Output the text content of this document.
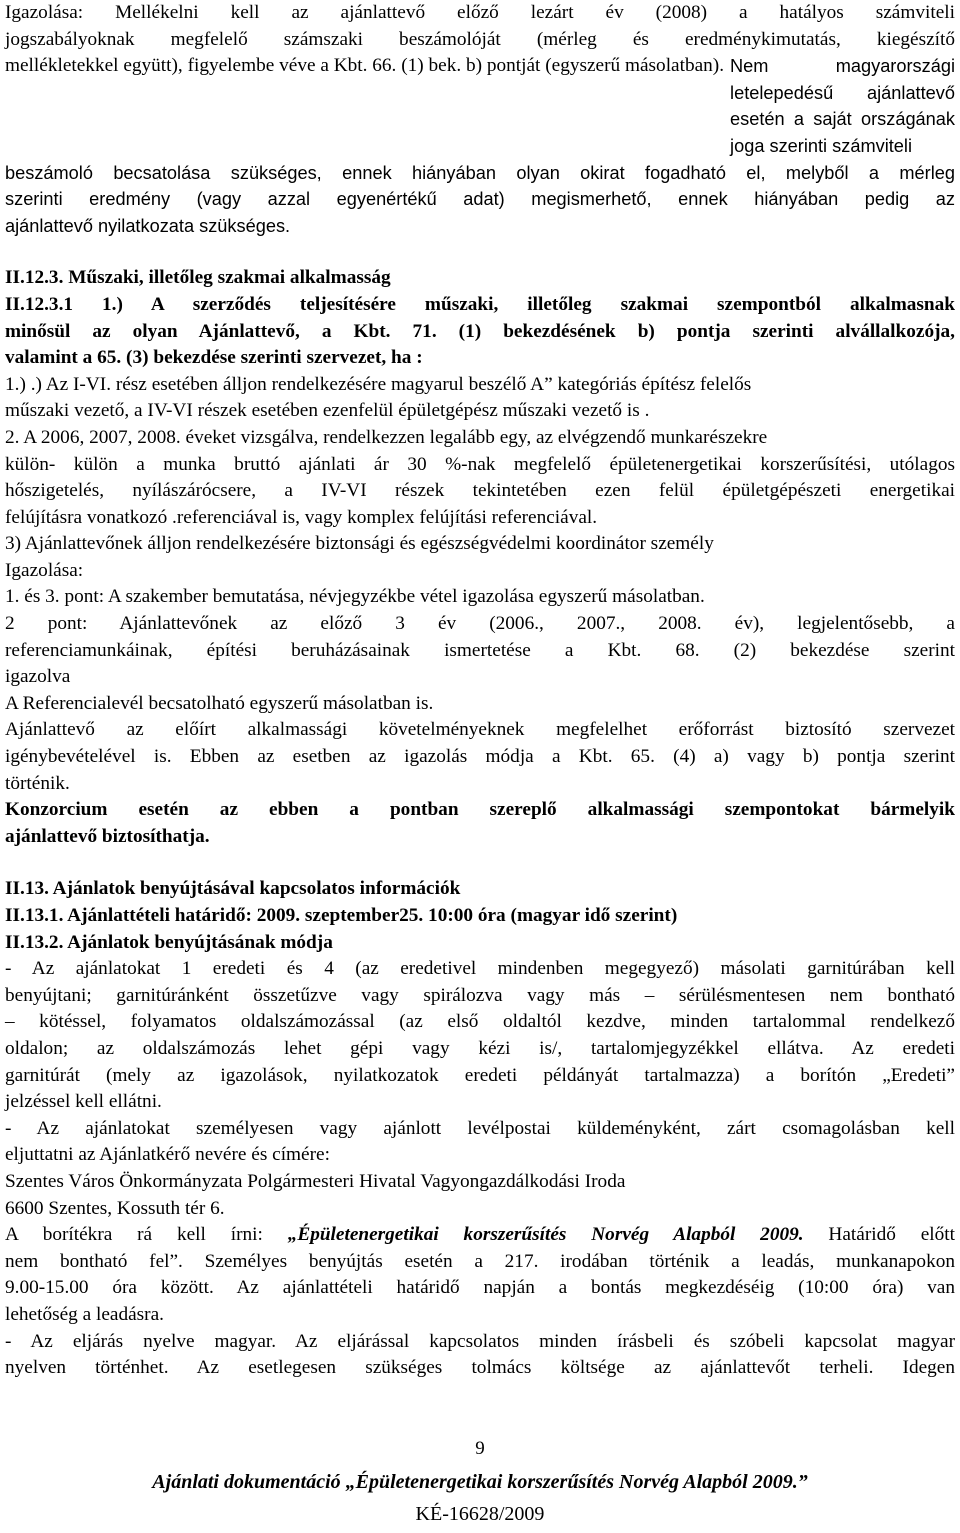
Igazolása: Mellékelni kell az ajánlattevő előző lezárt év (2008) a hatályos számviteli
jogszabályoknak megfelelő számszaki beszámolóját (mérleg és eredménykimutatás, kiegészítő
mellékletekkel együtt), figyelembe véve a Kbt. 66. (1) bek. b) pontját (egyszerű másolatban). Nem magyarországi letelepedésű ajánlattevő esetén a saját országának joga szerinti számviteli
beszámoló becsatolása szükséges, ennek hiányában olyan okirat fogadható el, melyből a mérleg
szerinti eredmény (vagy azzal egyenértékű adat) megismerhető, ennek hiányában pedig az
ajánlattevő nyilatkozata szükséges.
II.12.3. Műszaki, illetőleg szakmai alkalmasság
II.12.3.1 1.) A szerződés teljesítésére műszaki, illetőleg szakmai szempontból alkalmasnak
minősül az olyan Ajánlattevő, a Kbt. 71. (1) bekezdésének b) pontja szerinti alvállalkozója,
valamint a 65. (3) bekezdése szerinti szervezet, ha :
1.) .) Az I-VI. rész esetében álljon rendelkezésére magyarul beszélő A” kategóriás építész felelős
műszaki vezető, a IV-VI részek esetében ezenfelül épületgépész műszaki vezető is .
2. A 2006, 2007, 2008. éveket vizsgálva, rendelkezzen legalább egy, az elvégzendő munkarészekre
külön- külön a munka bruttó ajánlati ár 30 %-nak megfelelő épületenergetikai korszerűsítési, utólagos
hőszigetelés, nyílászárócsere, a IV-VI részek tekintetében ezen felül épületgépészeti energetikai
felújításra vonatkozó .referenciával is, vagy komplex felújítási referenciával.
3) Ajánlattevőnek álljon rendelkezésére biztonsági és egészségvédelmi koordinátor személy
Igazolása:
1. és 3. pont: A szakember bemutatása, névjegyzékbe vétel igazolása egyszerű másolatban.
2 pont: Ajánlattevőnek az előző 3 év (2006., 2007., 2008. év), legjelentősebb, a
referenciamunkáinak, építési beruházásainak ismertetése a Kbt. 68. (2) bekezdése szerint
igazolva
A Referencialevél becsatolható egyszerű másolatban is.
Ajánlattevő az előírt alkalmassági követelményeknek megfelelhet erőforrást biztosító szervezet
igénybevételével is. Ebben az esetben az igazolás módja a Kbt. 65. (4) a) vagy b) pontja szerint
történik.
Konzorcium esetén az ebben a pontban szereplő alkalmassági szempontokat bármelyik
ajánlattevő biztosíthatja.
II.13. Ajánlatok benyújtásával kapcsolatos információk
II.13.1. Ajánlattételi határidő: 2009. szeptember25. 10:00 óra (magyar idő szerint)
II.13.2. Ajánlatok benyújtásának módja
- Az ajánlatokat 1 eredeti és 4 (az eredetivel mindenben megegyező) másolati garnitúrában kell
benyújtani; garnitúránként összetűzve vagy spirálozva vagy más – sérülésmentesen nem bontható
– kötéssel, folyamatos oldalszámozással (az első oldaltól kezdve, minden tartalommal rendelkező
oldalon; az oldalszámozás lehet gépi vagy kézi is/, tartalomjegyzékkel ellátva. Az eredeti
garnitúrát (mely az igazolások, nyilatkozatok eredeti példányát tartalmazza) a borítón „Eredeti”
jelzéssel kell ellátni.
- Az ajánlatokat személyesen vagy ajánlott levélpostai küldeményként, zárt csomagolásban kell
eljuttatni az Ajánlatkérő nevére és címére:
Szentes Város Önkormányzata Polgármesteri Hivatal Vagyongazdálkodási Iroda
6600 Szentes, Kossuth tér 6.
A borítékra rá kell írni: „Épületenergetikai korszerűsítés Norvég Alapból 2009. Határidő előtt
nem bontható fel”. Személyes benyújtás esetén a 217. irodában történik a leadás, munkanapokon
9.00-15.00 óra között. Az ajánlattételi határidő napján a bontás megkezdéséig (10:00 óra) van
lehetőség a leadásra.
- Az eljárás nyelve magyar. Az eljárással kapcsolatos minden írásbeli és szóbeli kapcsolat magyar
nyelven történhet. Az esetlegesen szükséges tolmács költsége az ajánlattevőt terheli. Idegen
9
Ajánlati dokumentáció „Épületenergetikai korszerűsítés Norvég Alapból 2009.”
KÉ-16628/2009
